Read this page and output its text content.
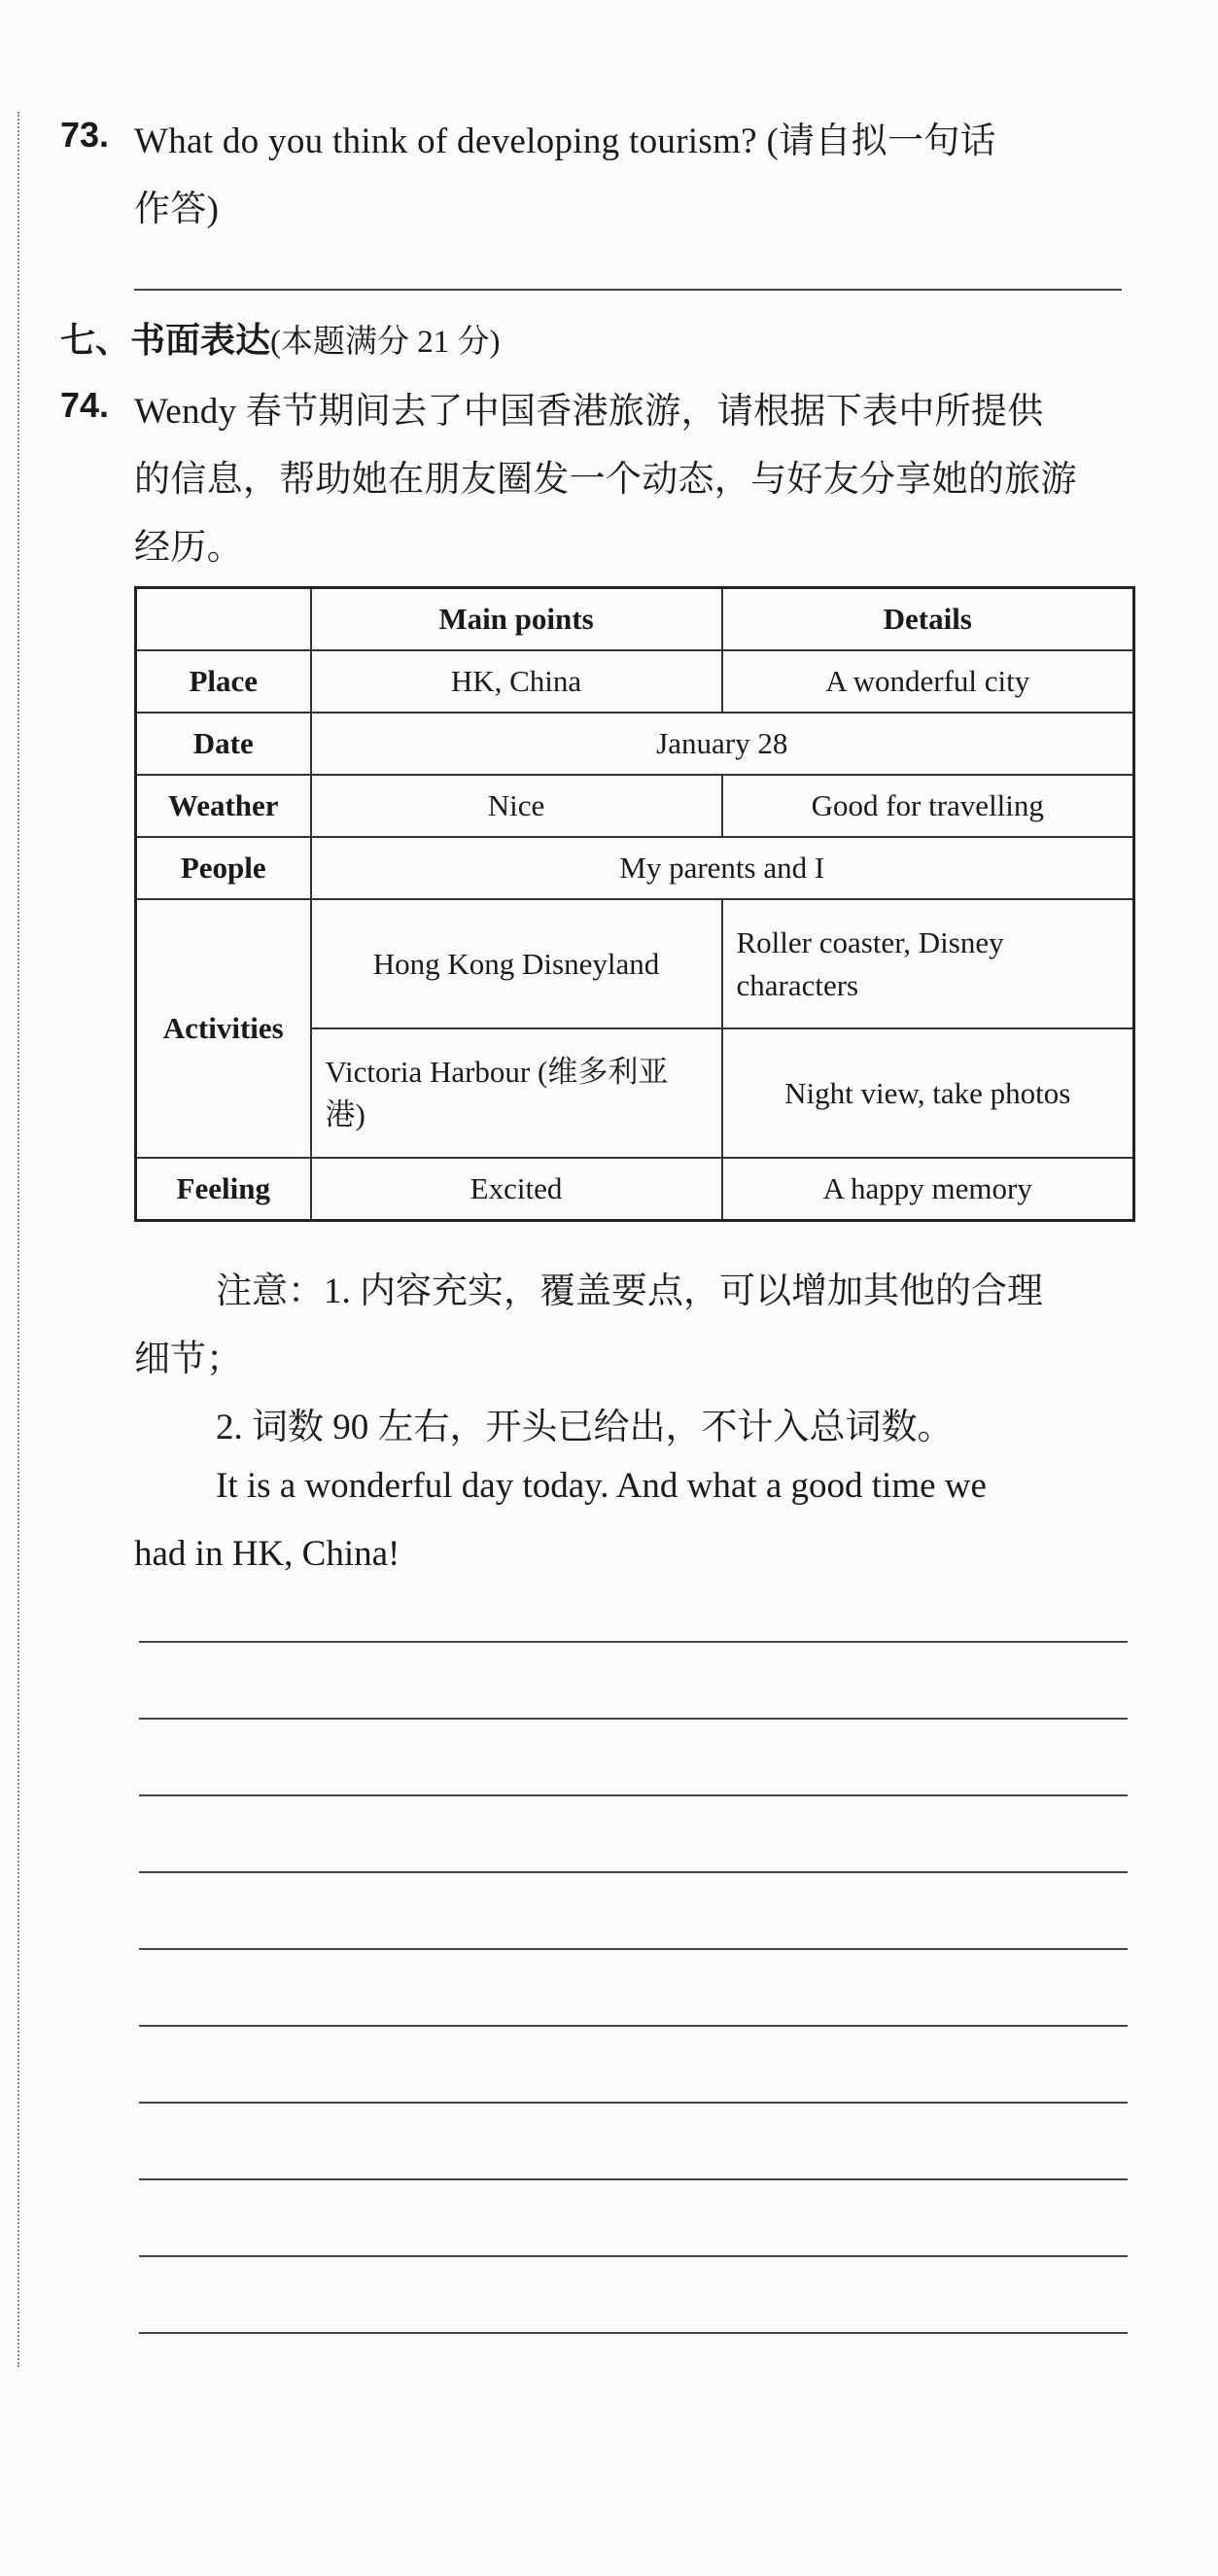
73. What do you think of developing tourism? (请自拟一句话
作答)
七、书面表达(本题满分 21 分)
74. Wendy 春节期间去了中国香港旅游，请根据下表中所提供
的信息，帮助她在朋友圈发一个动态，与好友分享她的旅游
经历。
	Main points	Details
Place	HK, China	A wonderful city
Date	January 28	
Weather	Nice	Good for travelling
People	My parents and I	
Activities	Hong Kong Disneyland	Roller coaster, Disney characters
	Victoria Harbour (维多利亚港)	Night view, take photos
Feeling	Excited	A happy memory
注意：1. 内容充实，覆盖要点，可以增加其他的合理
细节；
2. 词数 90 左右，开头已给出，不计入总词数。
It is a wonderful day today. And what a good time we
had in HK, China!
